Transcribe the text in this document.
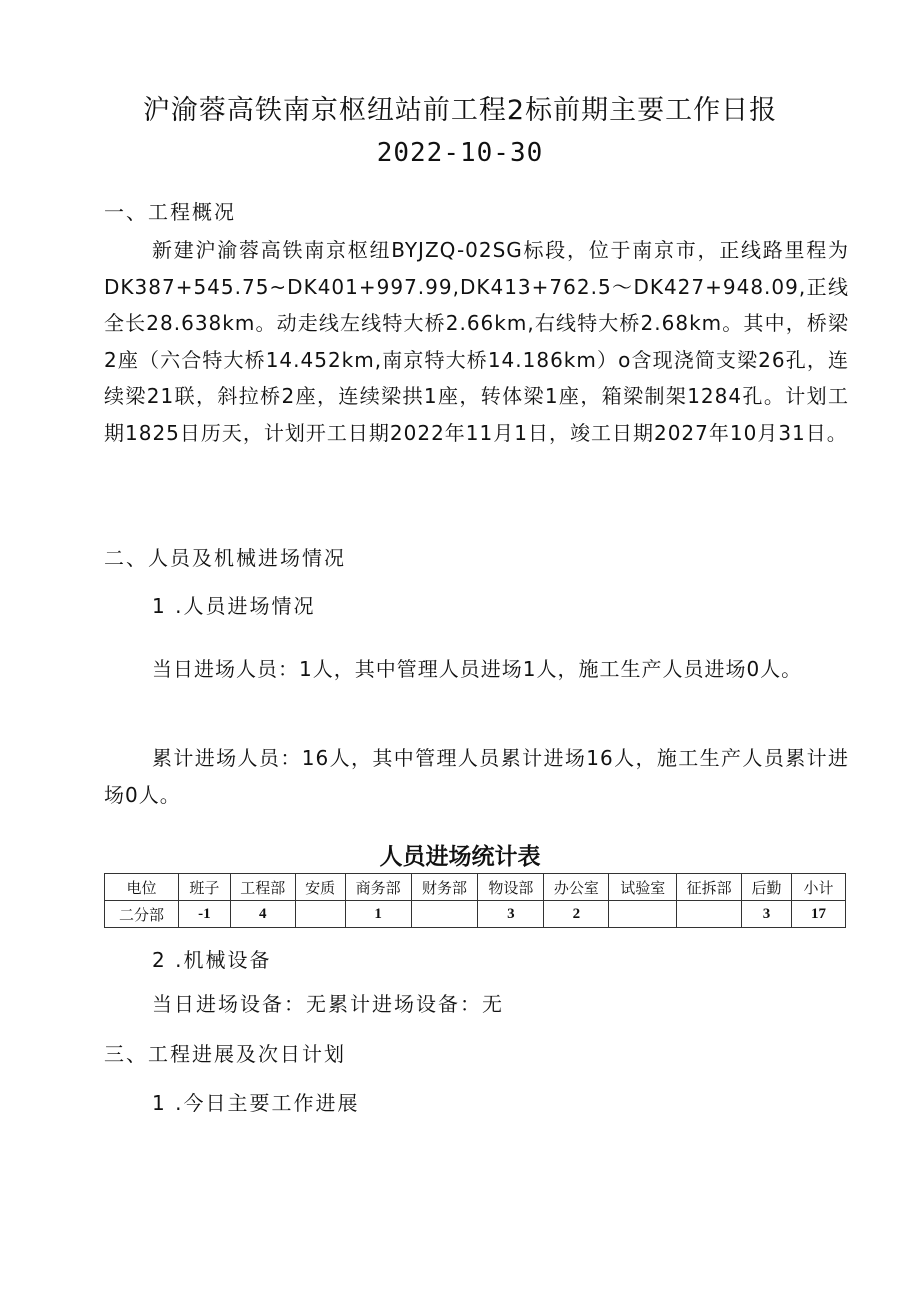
沪渝蓉高铁南京枢纽站前工程2标前期主要工作日报
2022-10-30
一、工程概况
新建沪渝蓉高铁南京枢纽BYJZQ-02SG标段，位于南京市，正线路里程为DK387+545.75~DK401+997.99,DK413+762.5～DK427+948.09,正线全长28.638km。动走线左线特大桥2.66km,右线特大桥2.68km。其中，桥梁2座（六合特大桥14.452km,南京特大桥14.186km）o含现浇简支梁26孔，连续梁21联，斜拉桥2座，连续梁拱1座，转体梁1座，箱梁制架1284孔。计划工期1825日历天，计划开工日期2022年11月1日，竣工日期2027年10月31日。
二、人员及机械进场情况
1 .人员进场情况
当日进场人员：1人，其中管理人员进场1人，施工生产人员进场0人。
累计进场人员：16人，其中管理人员累计进场16人，施工生产人员累计进场0人。
人员进场统计表
电位	班子	工程部	安质	商务部	财务部	物设部	办公室	试验室	征拆部	后勤	小计
二分部	-1	4		1		3	2			3	17
2 .机械设备
当日进场设备：无累计进场设备：无
三、工程进展及次日计划
1 .今日主要工作进展
